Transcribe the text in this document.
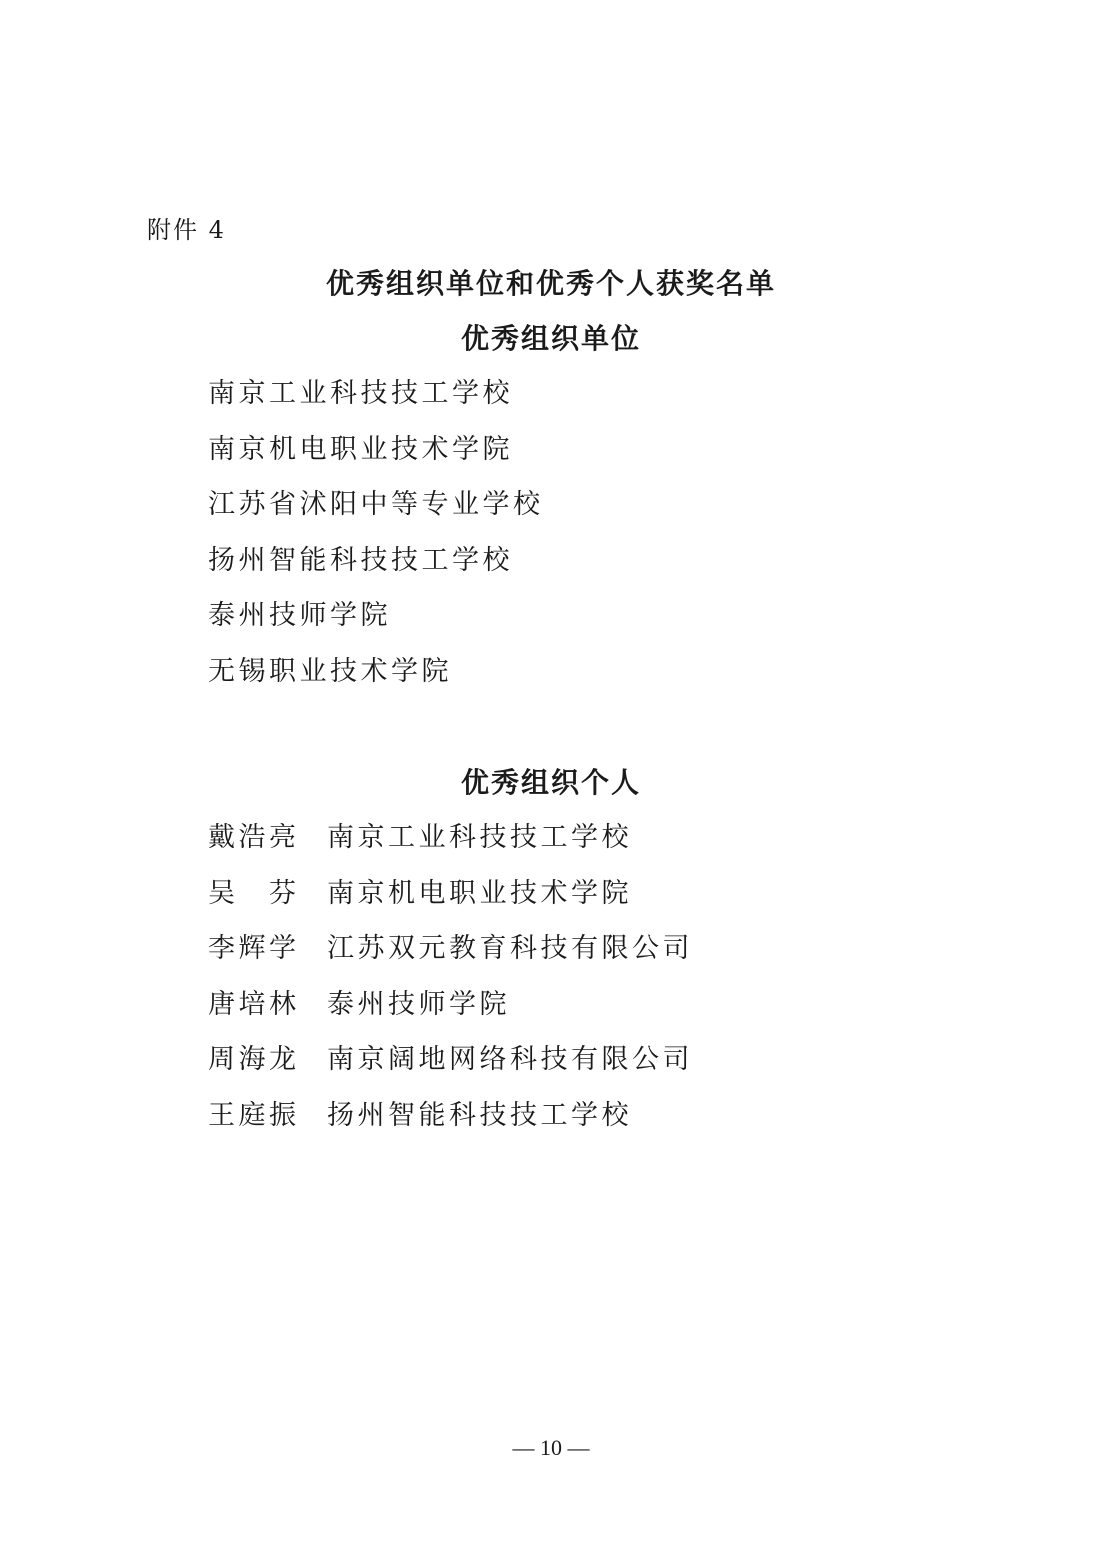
附件 4
优秀组织单位和优秀个人获奖名单
优秀组织单位
南京工业科技技工学校
南京机电职业技术学院
江苏省沭阳中等专业学校
扬州智能科技技工学校
泰州技师学院
无锡职业技术学院
优秀组织个人
戴浩亮 南京工业科技技工学校
吴　芬 南京机电职业技术学院
李辉学 江苏双元教育科技有限公司
唐培林 泰州技师学院
周海龙 南京阔地网络科技有限公司
王庭振 扬州智能科技技工学校
— 10 —
